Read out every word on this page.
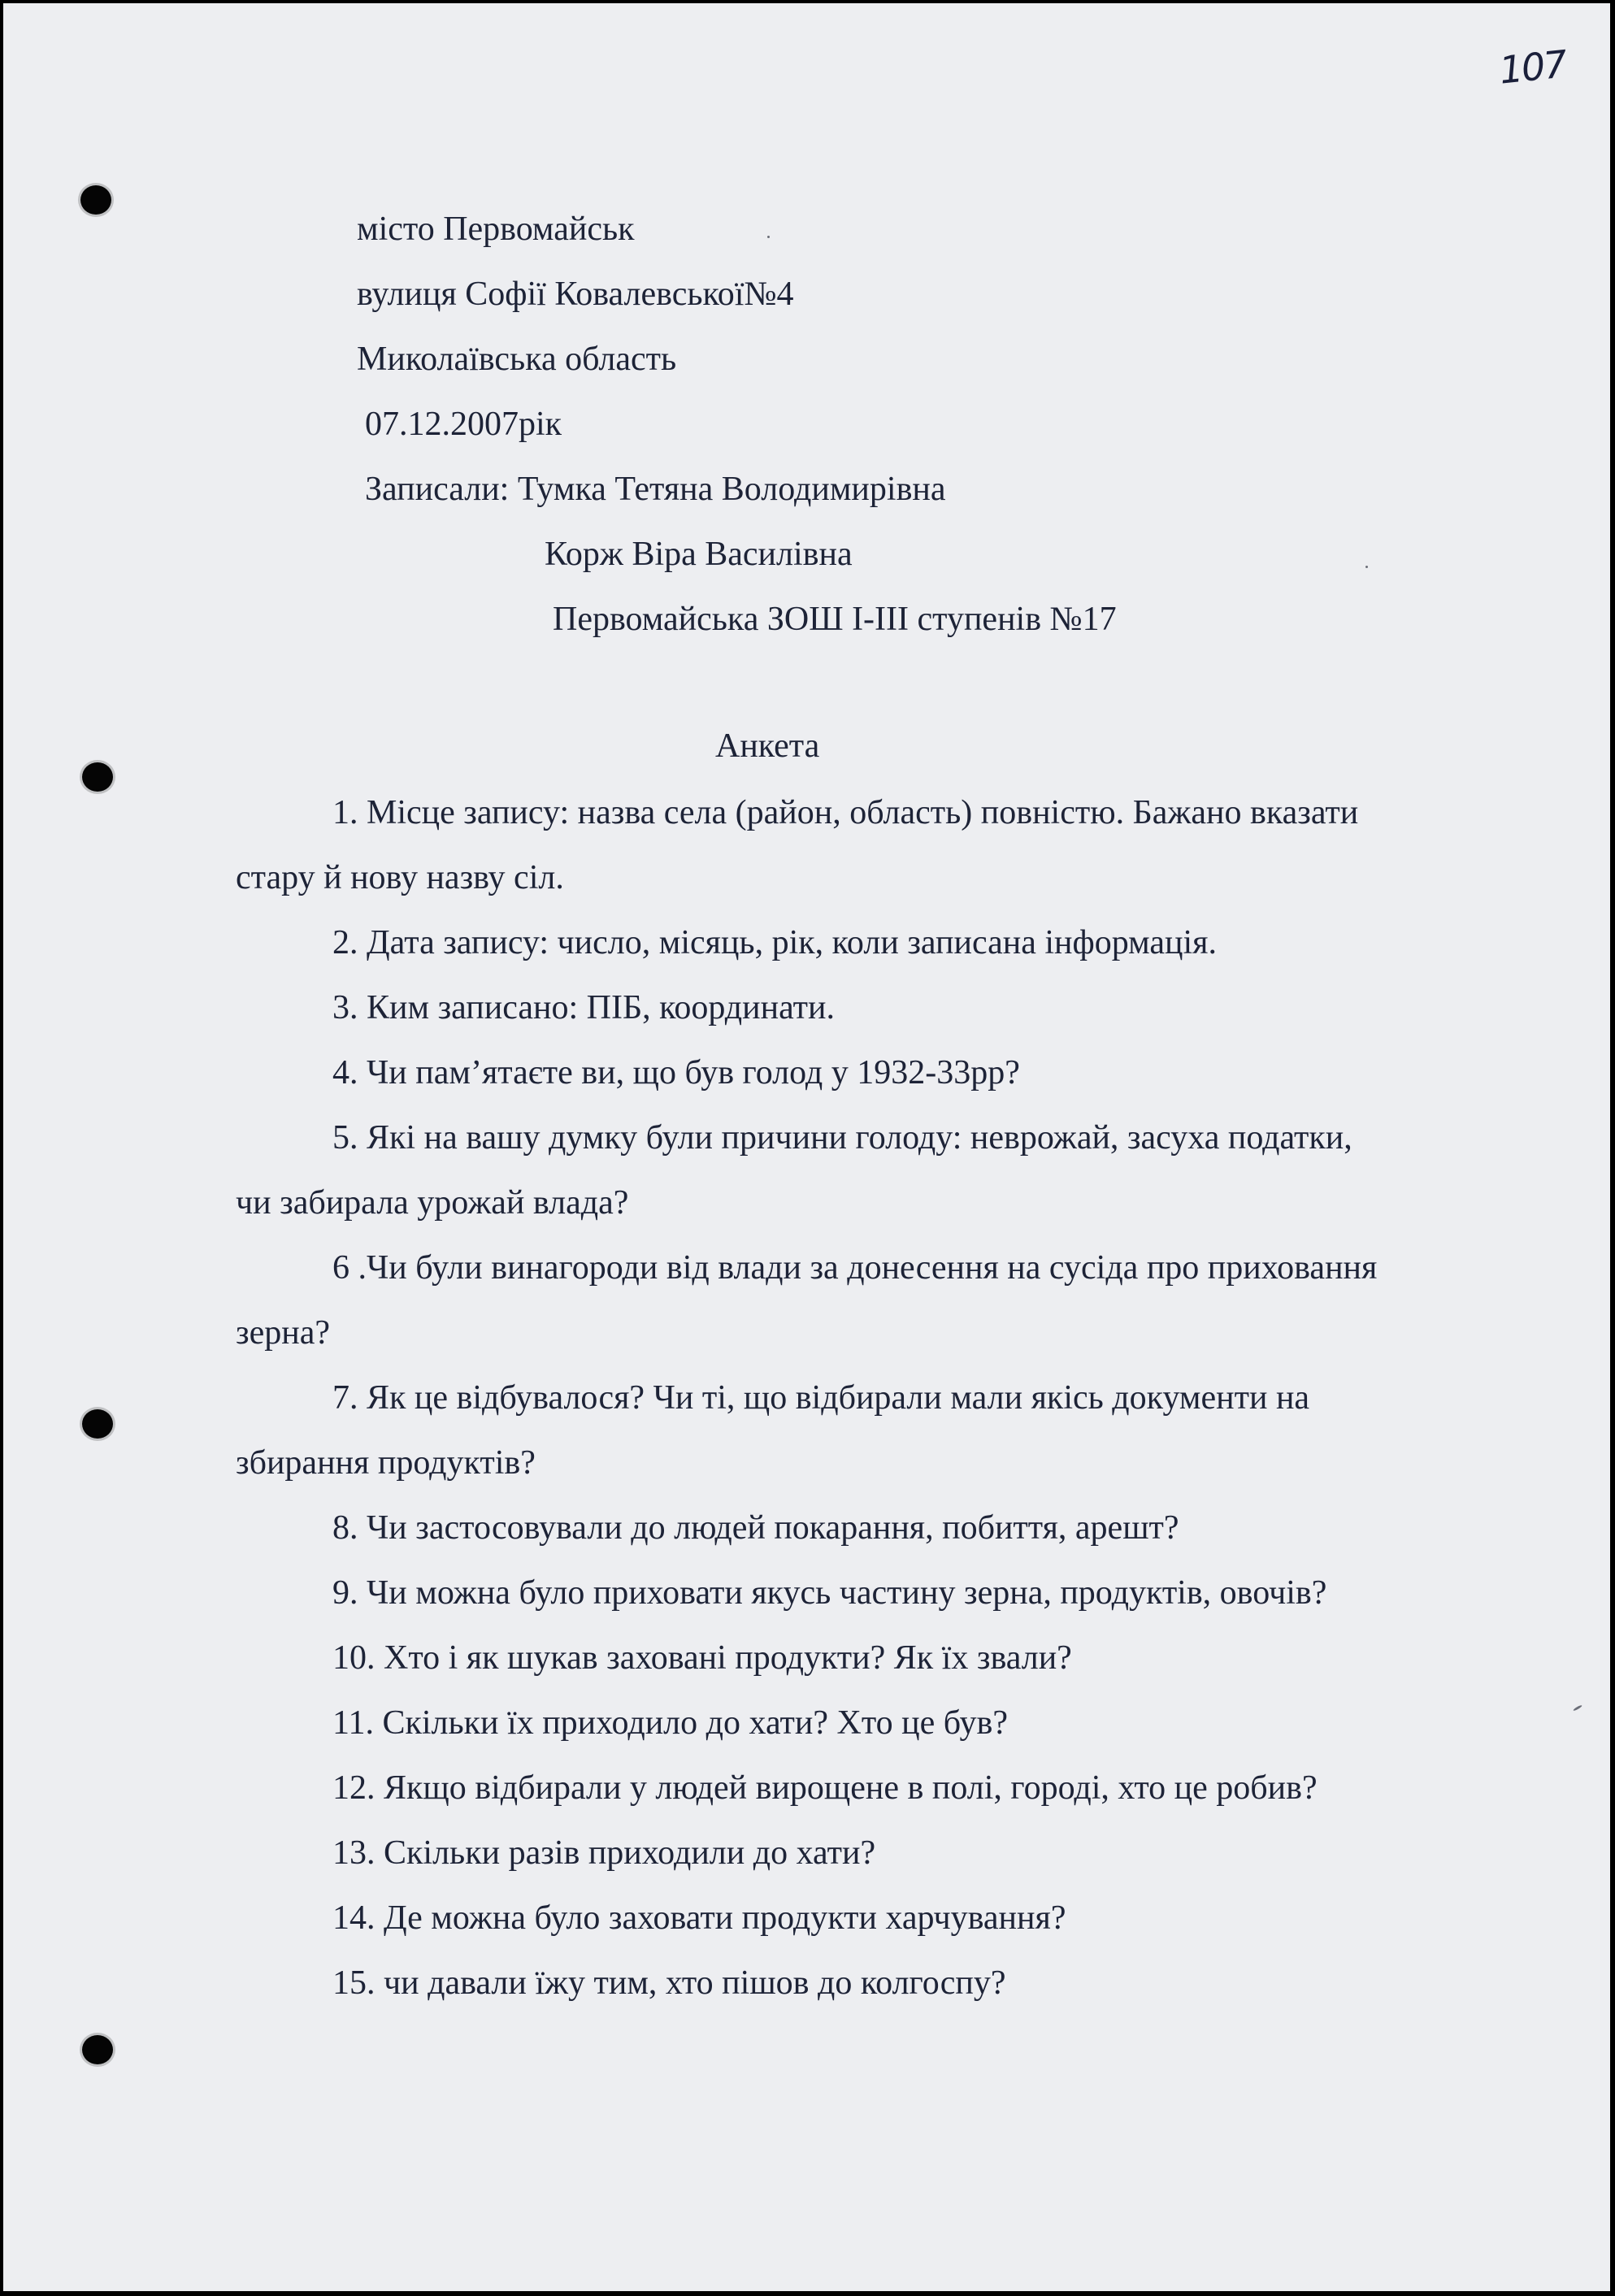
107
місто Первомайськ
вулиця Софії Ковалевської№4
Миколаївська область
07.12.2007рік
Записали: Тумка Тетяна Володимирівна
Корж Віра Василівна
Первомайська ЗОШ I-III ступенів №17
Анкета
1. Місце запису: назва села (район, область) повністю. Бажано вказати
стару й нову назву сіл.
2. Дата запису: число, місяць, рік, коли записана інформація.
3. Ким записано: ПІБ, координати.
4. Чи пам’ятаєте ви, що був голод у 1932-33рр?
5. Які на вашу думку були причини голоду: неврожай, засуха податки,
чи забирала урожай влада?
6 .Чи були винагороди від влади за донесення на сусіда про приховання
зерна?
7. Як це відбувалося? Чи ті, що відбирали мали якісь документи на
збирання продуктів?
8. Чи застосовували до людей покарання, побиття, арешт?
9. Чи можна було приховати якусь частину зерна, продуктів, овочів?
10. Хто і як шукав заховані продукти? Як їх звали?
11. Скільки їх приходило до хати? Хто це був?
12. Якщо відбирали у людей вирощене в полі, городі, хто це робив?
13. Скільки разів приходили до хати?
14. Де можна було заховати продукти харчування?
15. чи давали їжу тим, хто пішов до колгоспу?
